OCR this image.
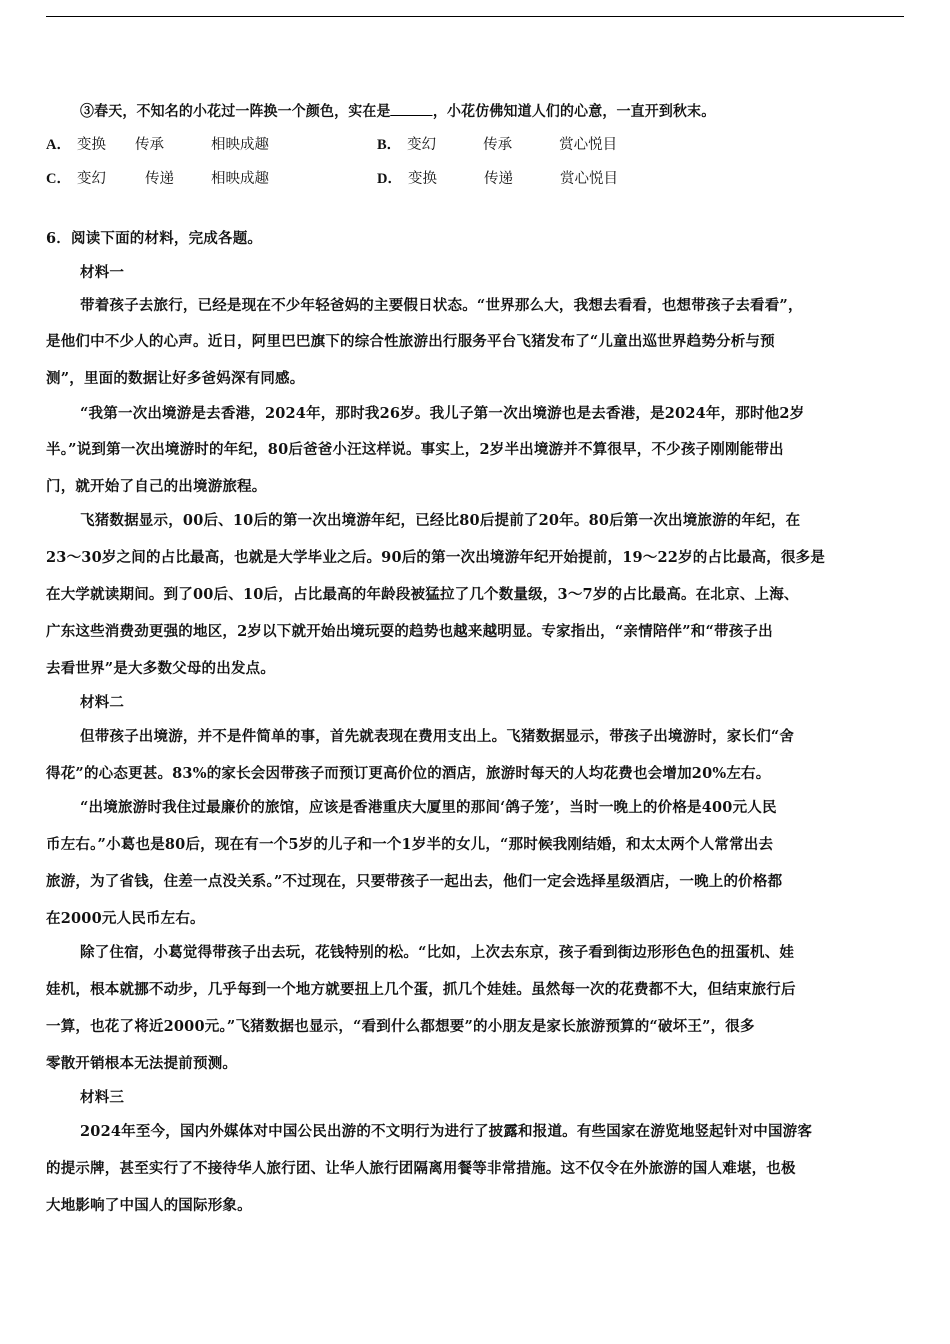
③春天，不知名的小花过一阵换一个颜色，实在是	，小花仿佛知道人们的心意，一直开到秋末。
A． 变换 传承	相映成趣	B． 变幻	传承	赏心悦目
C． 变幻	传递	相映成趣	D． 变换	传递	赏心悦目
6．阅读下面的材料，完成各题。
材料一
带着孩子去旅行，已经是现在不少年轻爸妈的主要假日状态。“世界那么大，我想去看看，也想带孩子去看看”，
是他们中不少人的心声。近日，阿里巴巴旗下的综合性旅游出行服务平台飞猪发布了“儿童出巡世界趋势分析与预
测”，里面的数据让好多爸妈深有同感。
“我第一次出境游是去香港，2024年，那时我26岁。我儿子第一次出境游也是去香港，是2024年，那时他2岁
半。”说到第一次出境游时的年纪，80后爸爸小汪这样说。事实上，2岁半出境游并不算很早，不少孩子刚刚能带出
门，就开始了自己的出境游旅程。
飞猪数据显示，00后、10后的第一次出境游年纪，已经比80后提前了20年。80后第一次出境旅游的年纪，在
23～30岁之间的占比最高，也就是大学毕业之后。90后的第一次出境游年纪开始提前，19～22岁的占比最高，很多是
在大学就读期间。到了00后、10后，占比最高的年龄段被猛拉了几个数量级，3～7岁的占比最高。在北京、上海、
广东这些消费劲更强的地区，2岁以下就开始出境玩耍的趋势也越来越明显。专家指出，“亲情陪伴”和“带孩子出
去看世界”是大多数父母的出发点。
材料二
但带孩子出境游，并不是件简单的事，首先就表现在费用支出上。飞猪数据显示，带孩子出境游时，家长们“舍
得花”的心态更甚。83%的家长会因带孩子而预订更高价位的酒店，旅游时每天的人均花费也会增加20%左右。
“出境旅游时我住过最廉价的旅馆，应该是香港重庆大厦里的那间‘鸽子笼’，当时一晚上的价格是400元人民
币左右。”小葛也是80后，现在有一个5岁的儿子和一个1岁半的女儿，“那时候我刚结婚，和太太两个人常常出去
旅游，为了省钱，住差一点没关系。”不过现在，只要带孩子一起出去，他们一定会选择星级酒店，一晚上的价格都
在2000元人民币左右。
除了住宿，小葛觉得带孩子出去玩，花钱特别的松。“比如，上次去东京，孩子看到街边形形色色的扭蛋机、娃
娃机，根本就挪不动步，几乎每到一个地方就要扭上几个蛋，抓几个娃娃。虽然每一次的花费都不大，但结束旅行后
一算，也花了将近2000元。”飞猪数据也显示，“看到什么都想要”的小朋友是家长旅游预算的“破坏王”，很多
零散开销根本无法提前预测。
材料三
2024年至今，国内外媒体对中国公民出游的不文明行为进行了披露和报道。有些国家在游览地竖起针对中国游客
的提示牌，甚至实行了不接待华人旅行团、让华人旅行团隔离用餐等非常措施。这不仅令在外旅游的国人难堪，也极
大地影响了中国人的国际形象。
